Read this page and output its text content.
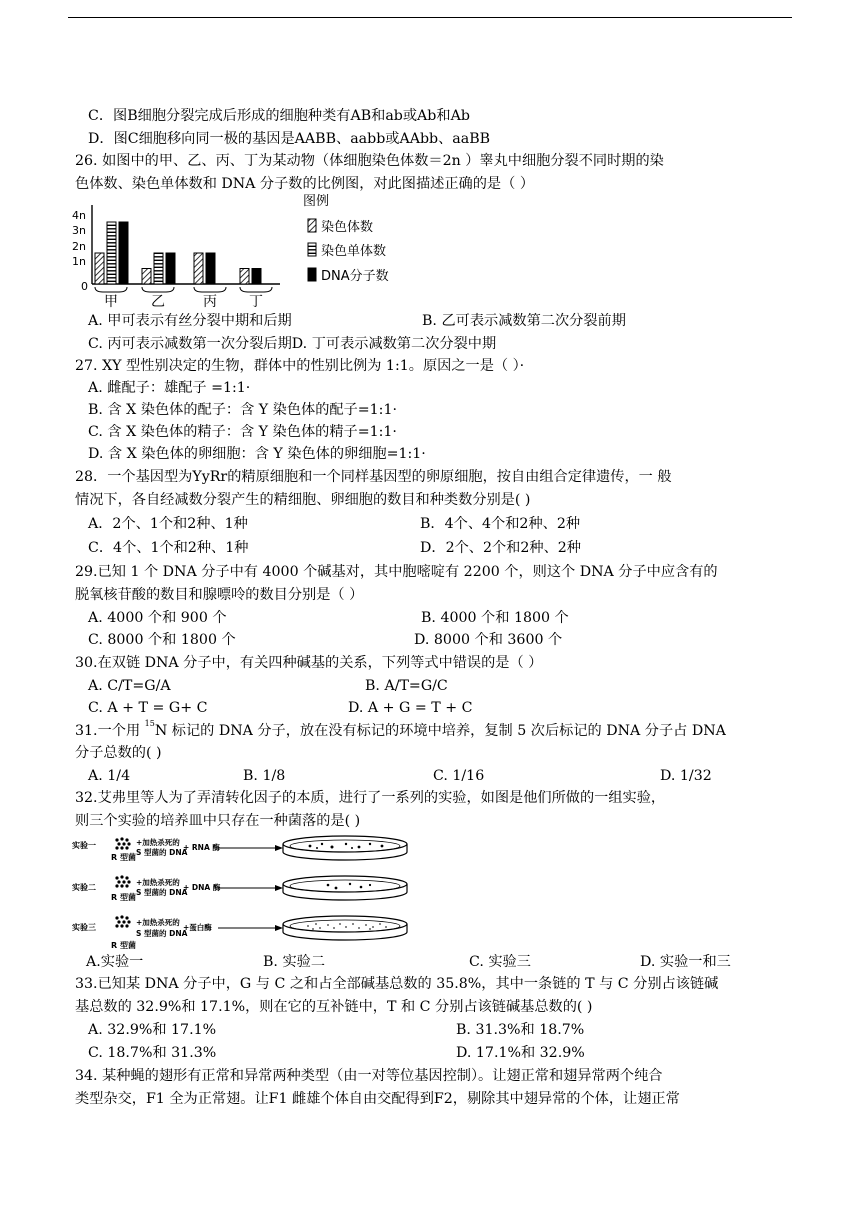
C．图B细胞分裂完成后形成的细胞种类有AB和ab或Ab和Ab
D．图C细胞移向同一极的基因是AABB、aabb或AAbb、aaBB
26. 如图中的甲、乙、丙、丁为某动物（体细胞染色体数＝2n ）睾丸中细胞分裂不同时期的染
色体数、染色单体数和 DNA 分子数的比例图，对此图描述正确的是（ ）
4n
3n
2n
1n
0
甲 乙	丙 丁
图例
染色体数
染色单体数
DNA分子数
A. 甲可表示有丝分裂中期和后期	B. 乙可表示减数第二次分裂前期
C. 丙可表示减数第一次分裂后期D. 丁可表示减数第二次分裂中期
27. XY 型性别决定的生物，群体中的性别比例为 1:1。原因之一是（ ）·
A. 雌配子：雄配子 =1:1·
B. 含 X 染色体的配子：含 Y 染色体的配子=1:1·
C. 含 X 染色体的精子：含 Y 染色体的精子=1:1·
D. 含 X 染色体的卵细胞：含 Y 染色体的卵细胞=1:1·
28．一个基因型为YyRr的精原细胞和一个同样基因型的卵原细胞，按自由组合定律遗传，一 般
情况下，各自经减数分裂产生的精细胞、卵细胞的数目和种类数分别是( )
A．2个、1个和2种、1种	B．4个、4个和2种、2种
C．4个、1个和2种、1种	D．2个、2个和2种、2种
29.已知 1 个 DNA 分子中有 4000 个碱基对，其中胞嘧啶有 2200 个，则这个 DNA 分子中应含有的
脱氧核苷酸的数目和腺嘌呤的数目分别是（ ）
A. 4000 个和 900 个	B. 4000 个和 1800 个
C. 8000 个和 1800 个	D. 8000 个和 3600 个
30.在双链 DNA 分子中，有关四种碱基的关系，下列等式中错误的是（ ）
A. C/T=G/A	B. A/T=G/C
C. A + T = G+ C	D. A + G = T + C
31.一个用 $^{15}$N 标记的 DNA 分子，放在没有标记的环境中培养，复制 5 次后标记的 DNA 分子占 DNA
分子总数的( )
A. 1/4	B. 1/8	C. 1/16	D. 1/32
32.艾弗里等人为了弄清转化因子的本质，进行了一系列的实验，如图是他们所做的一组实验，
则三个实验的培养皿中只存在一种菌落的是( )
实验一
R 型菌
+加热杀死的
S 型菌的 DNA
+ RNA 酶
实验二
R 型菌
+加热杀死的
S 型菌的 DNA
+ DNA 酶
实验三
R 型菌
+加热杀死的
S 型菌的 DNA
+蛋白酶
A.实验一	B. 实验二	C. 实验三	D. 实验一和三
33.已知某 DNA 分子中，G 与 C 之和占全部碱基总数的 35.8%，其中一条链的 T 与 C 分别占该链碱
基总数的 32.9%和 17.1%，则在它的互补链中，T 和 C 分别占该链碱基总数的( )
A. 32.9%和 17.1%	B. 31.3%和 18.7%
C. 18.7%和 31.3%	D. 17.1%和 32.9%
34. 某种蝇的翅形有正常和异常两种类型（由一对等位基因控制）。让翅正常和翅异常两个纯合
类型杂交，F1 全为正常翅。让F1 雌雄个体自由交配得到F2，剔除其中翅异常的个体，让翅正常
